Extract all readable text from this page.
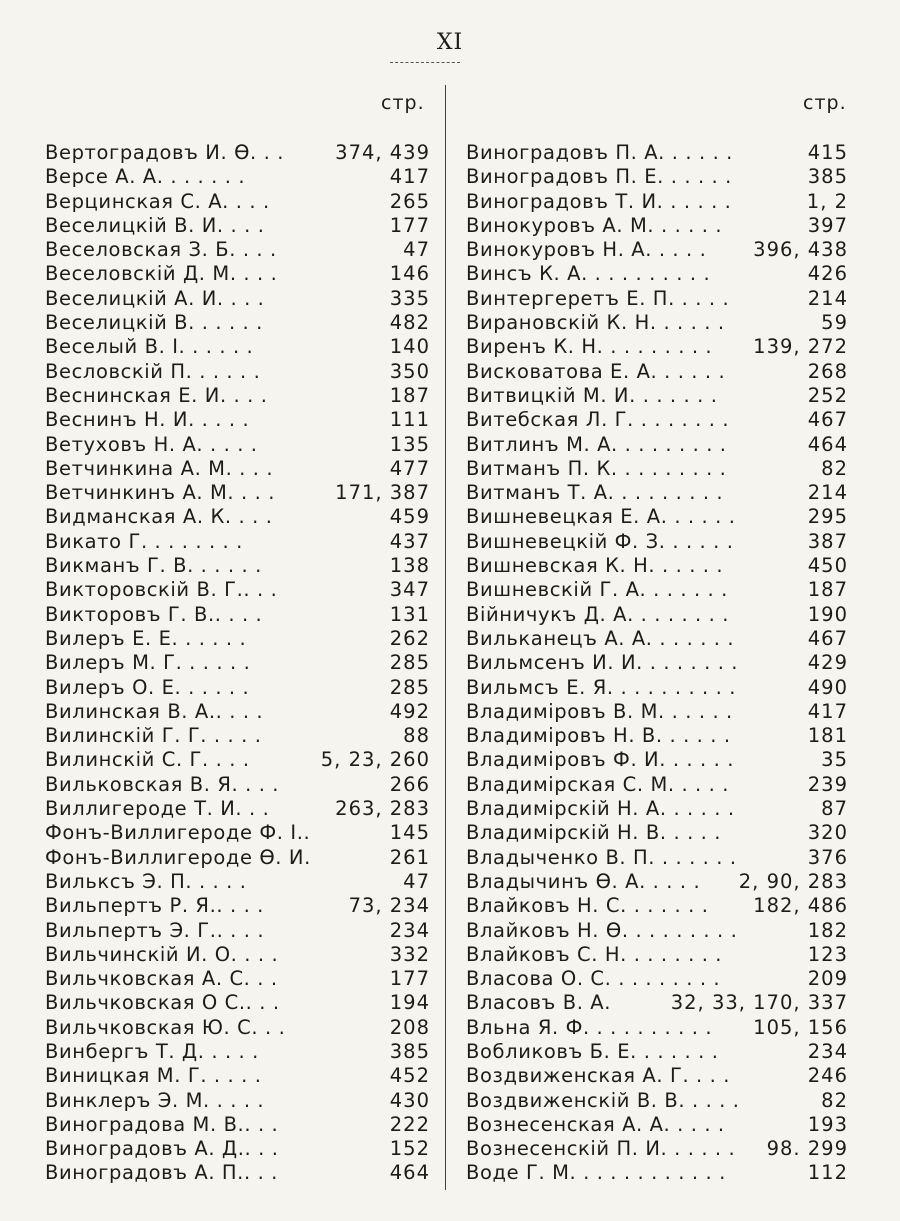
XI
стр.	стр.
Вертоградовъ И. Ѳ. . .	374, 439
Версе А. А. . . . . . .	417
Верцинская С. А. . . .	265
Веселицкій В. И. . . .	177
Веселовская З. Б. . . .	47
Веселовскій Д. М. . . .	146
Веселицкій А. И. . . .	335
Веселицкій В. . . . . .	482
Веселый В. І. . . . . .	140
Весловскій П. . . . . .	350
Веснинская Е. И. . . .	187
Веснинъ Н. И. . . . .	111
Ветуховъ Н. А. . . . .	135
Ветчинкина А. М. . . .	477
Ветчинкинъ А. М. . . .	171, 387
Видманская А. К. . . .	459
Викато Г. . . . . . . .	437
Викманъ Г. В. . . . . .	138
Викторовскій В. Г.. . .	347
Викторовъ Г. В.. . . .	131
Вилеръ Е. Е. . . . . .	262
Вилеръ М. Г. . . . . .	285
Вилеръ О. Е. . . . . .	285
Вилинская В. А.. . . .	492
Вилинскій Г. Г. . . . .	88
Вилинскій С. Г. . . .	5, 23, 260
Вильковская В. Я. . . .	266
Виллигероде Т. И. . .	263, 283
Фонъ-Виллигероде Ф. І..	145
Фонъ-Виллигероде Ѳ. И.	261
Вильксъ Э. П. . . . .	47
Вильпертъ Р. Я.. . . .	73, 234
Вильпертъ Э. Г.. . . .	234
Вильчинскій И. О. . . .	332
Вильчковская А. С. . .	177
Вильчковская О С.. . .	194
Вильчковская Ю. С. . .	208
Винбергъ Т. Д. . . . .	385
Виницкая М. Г. . . . .	452
Винклеръ Э. М. . . . .	430
Виноградова М. В.. . .	222
Виноградовъ А. Д.. . .	152
Виноградовъ А. П.. . .	464
Виноградовъ П. А. . . . . .	415
Виноградовъ П. Е. . . . . .	385
Виноградовъ Т. И. . . . . .	1, 2
Винокуровъ А. М. . . . . .	397
Винокуровъ Н. А. . . . . 396, 438
Винсъ К. А. . . . . . . . . .	426
Винтергеретъ Е. П. . . . .	214
Вирановскій К. Н. . . . . .	59
Виренъ К. Н. . . . . . . . . 139, 272
Висковатова Е. А. . . . . .	268
Витвицкій М. И. . . . . . .	252
Витебская Л. Г. . . . . . . .	467
Витлинъ М. А. . . . . . . . .	464
Витманъ П. К. . . . . . . . .	82
Витманъ Т. А. . . . . . . . .	214
Вишневецкая Е. А. . . . . .	295
Вишневецкій Ф. З. . . . . .	387
Вишневская К. Н. . . . . .	450
Вишневскій Г. А. . . . . . .	187
Війничукъ Д. А. . . . . . . .	190
Вильканецъ А. А. . . . . . .	467
Вильмсенъ И. И. . . . . . . .	429
Вильмсъ Е. Я. . . . . . . . . .	490
Владиміровъ В. М. . . . . .	417
Владиміровъ Н. В. . . . . .	181
Владиміровъ Ф. И. . . . . .	35
Владимірская С. М. . . . .	239
Владимірскій Н. А. . . . . .	87
Владимірскій Н. В. . . . .	320
Владыченко В. П. . . . . . .	376
Владычинъ Ѳ. А. . . . . 2, 90, 283
Влайковъ Н. С. . . . . . . 182, 486
Влайковъ Н. Ѳ. . . . . . . . .	182
Влайковъ С. Н. . . . . . . .	123
Власова О. С. . . . . . . . .	209
Власовъ В. А.	32, 33, 170, 337
Вльна Я. Ф. . . . . . . . . . 105, 156
Вобликовъ Б. Е. . . . . . .	234
Воздвиженская А. Г. . . .	246
Воздвиженскій В. В. . . . .	82
Вознесенская А. А. . . . .	193
Вознесенскій П. И. . . . . . 98. 299
Воде Г. М. . . . . . . . . . . .	112
